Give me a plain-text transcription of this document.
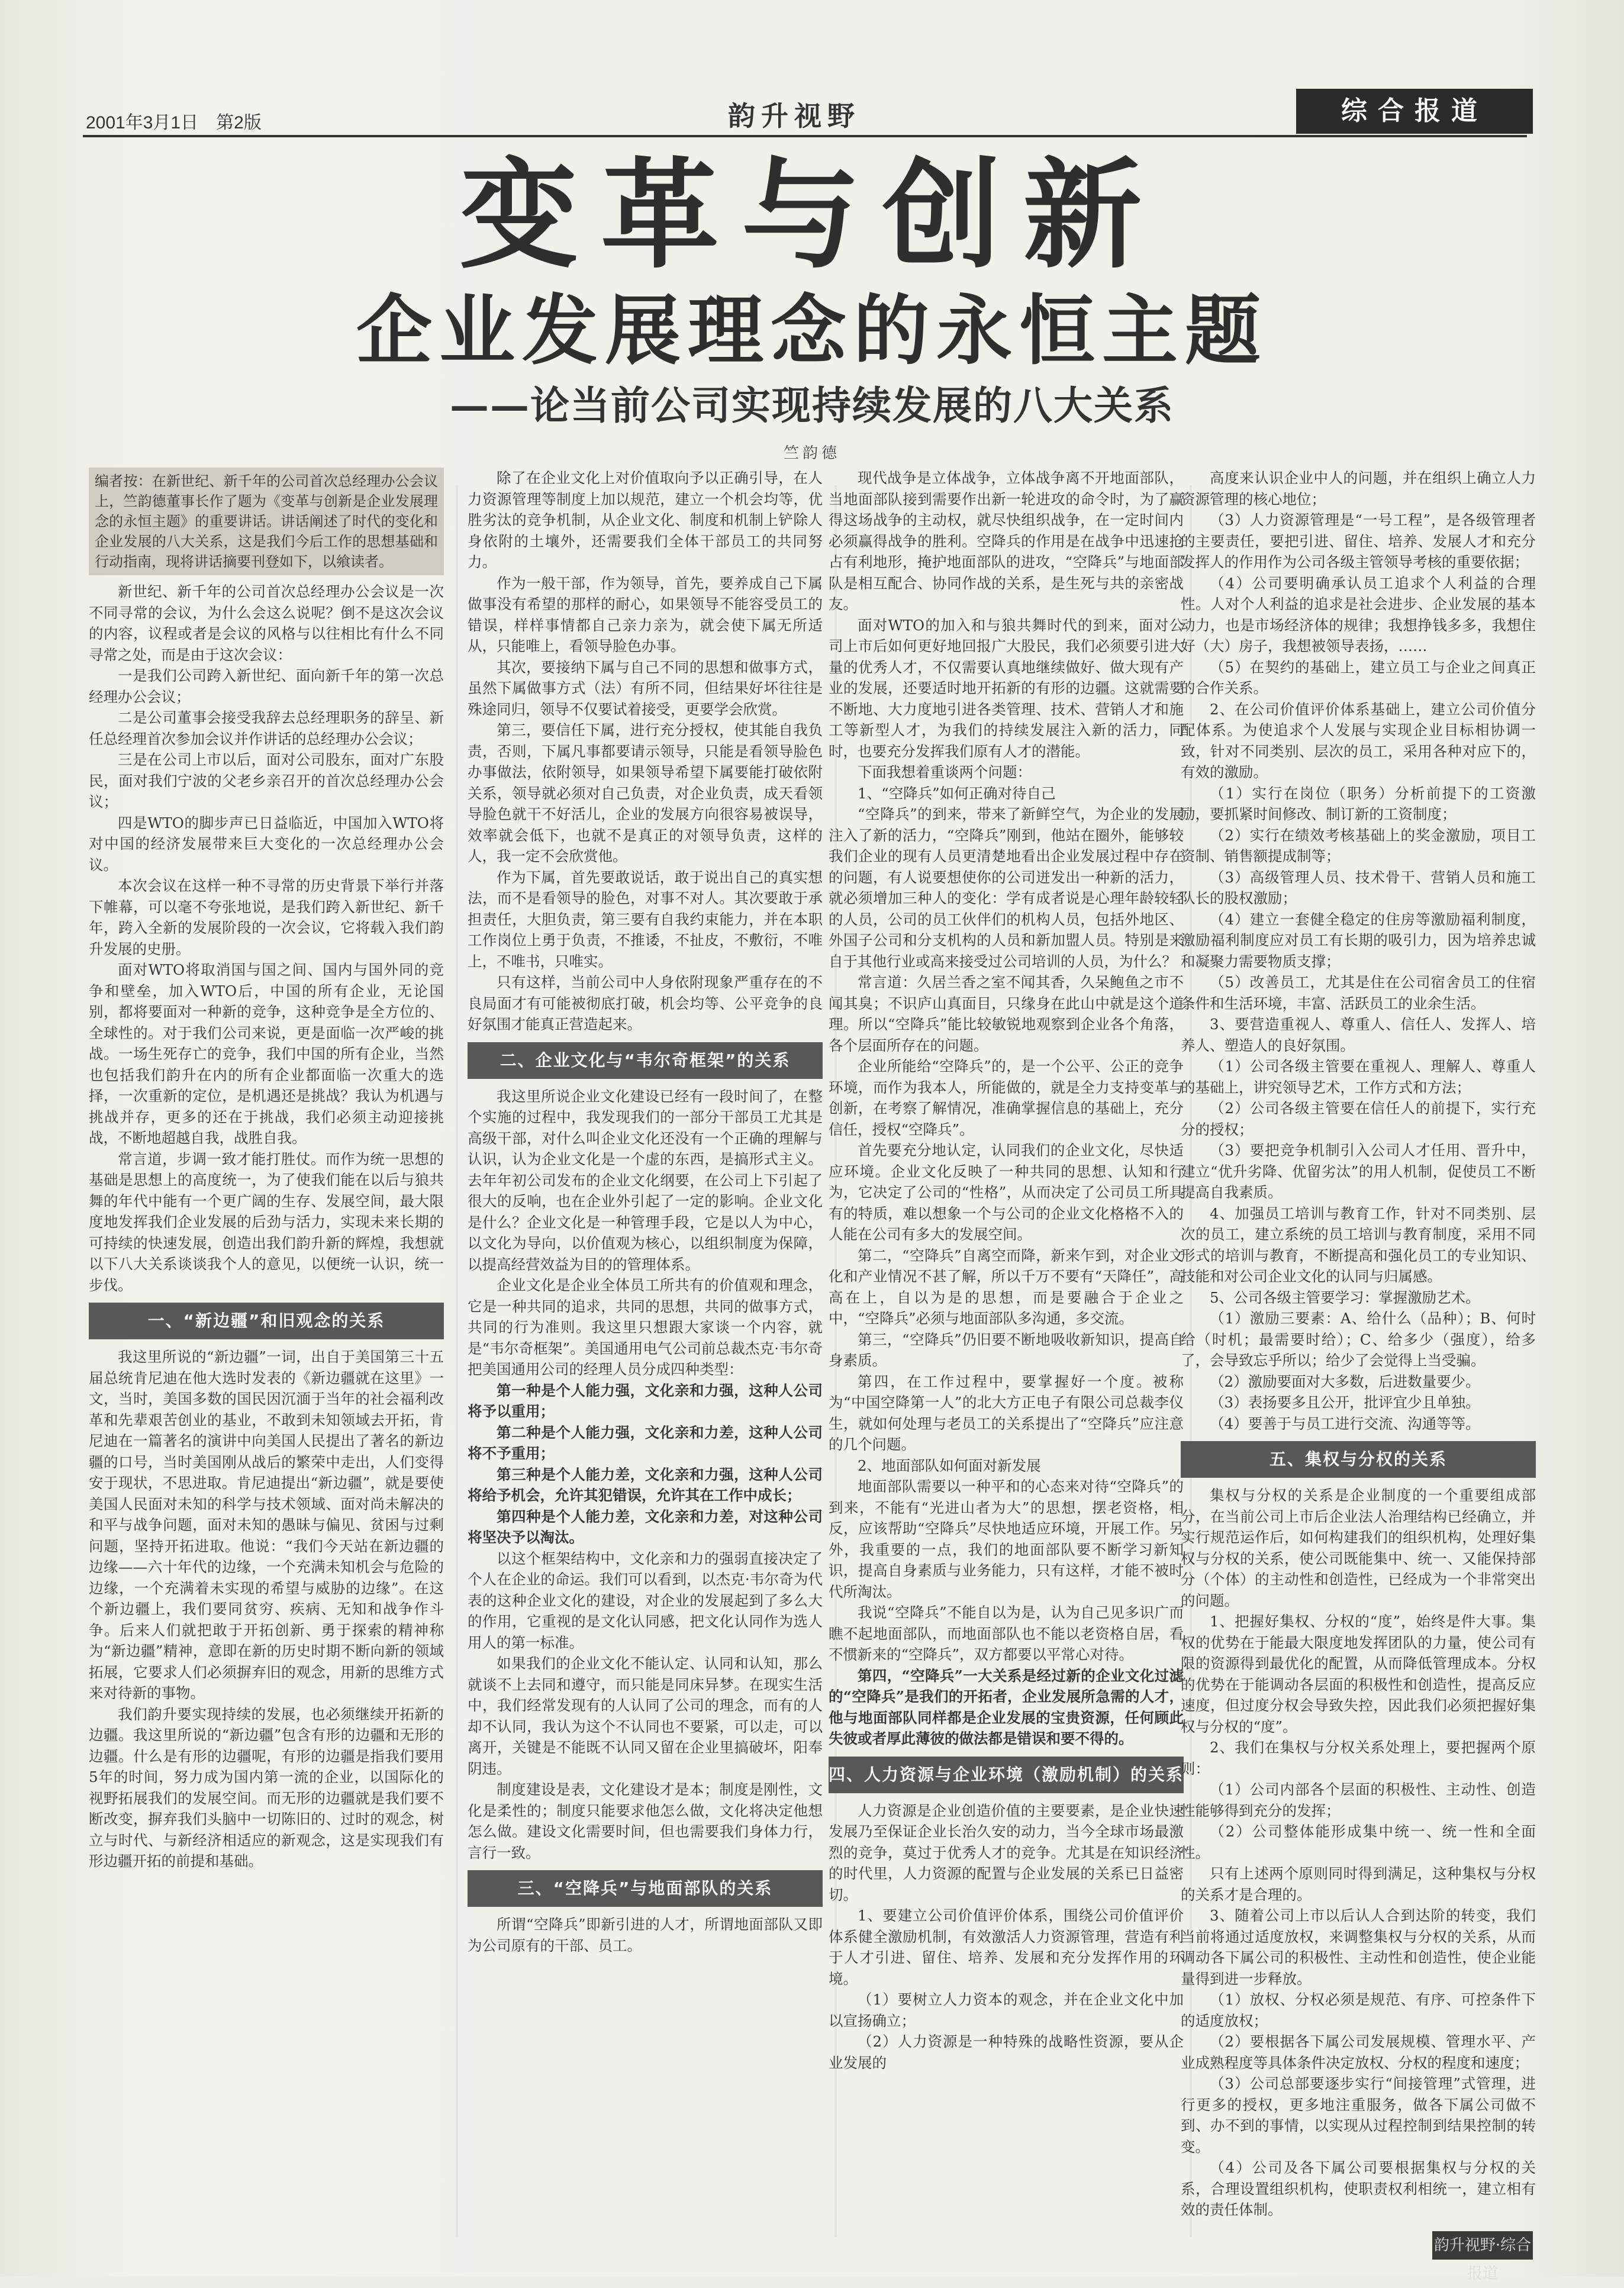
2001年3月1日　第2版	韵升视野	综合报道
变革与创新
企业发展理念的永恒主题
——论当前公司实现持续发展的八大关系
竺韵德
编者按：在新世纪、新千年的公司首次总经理办公会议上，竺韵德董事长作了题为《变革与创新是企业发展理念的永恒主题》的重要讲话。讲话阐述了时代的变化和企业发展的八大关系，这是我们今后工作的思想基础和行动指南，现将讲话摘要刊登如下，以飨读者。

新世纪、新千年的公司首次总经理办公会议是一次不同寻常的会议，为什么会这么说呢？倒不是这次会议的内容，议程或者是会议的风格与以往相比有什么不同寻常之处，而是由于这次会议：

一是我们公司跨入新世纪、面向新千年的第一次总经理办公会议；

二是公司董事会接受我辞去总经理职务的辞呈、新任总经理首次参加会议并作讲话的总经理办公会议；

三是在公司上市以后，面对公司股东，面对广东股民，面对我们宁波的父老乡亲召开的首次总经理办公会议；

四是WTO的脚步声已日益临近，中国加入WTO将对中国的经济发展带来巨大变化的一次总经理办公会议。

本次会议在这样一种不寻常的历史背景下举行并落下帷幕，可以毫不夸张地说，是我们跨入新世纪、新千年，跨入全新的发展阶段的一次会议，它将载入我们韵升发展的史册。

面对WTO将取消国与国之间、国内与国外同的竞争和壁垒，加入WTO后，中国的所有企业，无论国别，都将要面对一种新的竞争，这种竞争是全方位的、全球性的。对于我们公司来说，更是面临一次严峻的挑战。一场生死存亡的竞争，我们中国的所有企业，当然也包括我们韵升在内的所有企业都面临一次重大的选择，一次重新的定位，是机遇还是挑战？我认为机遇与挑战并存，更多的还在于挑战，我们必须主动迎接挑战，不断地超越自我，战胜自我。

常言道，步调一致才能打胜仗。而作为统一思想的基础是思想上的高度统一，为了使我们能在以后与狼共舞的年代中能有一个更广阔的生存、发展空间，最大限度地发挥我们企业发展的后劲与活力，实现未来长期的可持续的快速发展，创造出我们韵升新的辉煌，我想就以下八大关系谈谈我个人的意见，以便统一认识，统一步伐。

一、“新边疆”和旧观念的关系

我这里所说的“新边疆”一词，出自于美国第三十五届总统肯尼迪在他大选时发表的《新边疆就在这里》一文，当时，美国多数的国民因沉湎于当年的社会福利改革和先辈艰苦创业的基业，不敢到未知领域去开拓，肯尼迪在一篇著名的演讲中向美国人民提出了著名的新边疆的口号，当时美国刚从战后的繁荣中走出，人们变得安于现状，不思进取。肯尼迪提出“新边疆”，就是要使美国人民面对未知的科学与技术领域、面对尚未解决的和平与战争问题，面对未知的愚昧与偏见、贫困与过剩问题，坚持开拓进取。他说：“我们今天站在新边疆的边缘——六十年代的边缘，一个充满未知机会与危险的边缘，一个充满着未实现的希望与威胁的边缘”。在这个新边疆上，我们要同贫穷、疾病、无知和战争作斗争。后来人们就把敢于开拓创新、勇于探索的精神称为“新边疆”精神，意即在新的历史时期不断向新的领域拓展，它要求人们必须摒弃旧的观念，用新的思维方式来对待新的事物。

我们韵升要实现持续的发展，也必须继续开拓新的边疆。我这里所说的“新边疆”包含有形的边疆和无形的边疆。什么是有形的边疆呢，有形的边疆是指我们要用5年的时间，努力成为国内第一流的企业，以国际化的视野拓展我们的发展空间。而无形的边疆就是我们要不断改变，摒弃我们头脑中一切陈旧的、过时的观念，树立与时代、与新经济相适应的新观念，这是实现我们有形边疆开拓的前提和基础。

除了在企业文化上对价值取向予以正确引导，在人力资源管理等制度上加以规范，建立一个机会均等，优胜劣汰的竞争机制，从企业文化、制度和机制上铲除人身依附的土壤外，还需要我们全体干部员工的共同努力。

作为一般干部，作为领导，首先，要养成自己下属做事没有希望的那样的耐心，如果领导不能容受员工的错误，样样事情都自己亲力亲为，就会使下属无所适从，只能唯上，看领导脸色办事。

其次，要接纳下属与自己不同的思想和做事方式，虽然下属做事方式（法）有所不同，但结果好坏往往是殊途同归，领导不仅要试着接受，更要学会欣赏。

第三，要信任下属，进行充分授权，使其能自我负责，否则，下属凡事都要请示领导，只能是看领导脸色办事做法，依附领导，如果领导希望下属要能打破依附关系，领导就必须对自己负责，对企业负责，成天看领导脸色就干不好活儿，企业的发展方向很容易被误导，效率就会低下，也就不是真正的对领导负责，这样的人，我一定不会欣赏他。

作为下属，首先要敢说话，敢于说出自己的真实想法，而不是看领导的脸色，对事不对人。其次要敢于承担责任，大胆负责，第三要有自我约束能力，并在本职工作岗位上勇于负责，不推诿，不扯皮，不敷衍，不唯上，不唯书，只唯实。

只有这样，当前公司中人身依附现象严重存在的不良局面才有可能被彻底打破，机会均等、公平竞争的良好氛围才能真正营造起来。

二、企业文化与“韦尔奇框架”的关系

我这里所说企业文化建设已经有一段时间了，在整个实施的过程中，我发现我们的一部分干部员工尤其是高级干部，对什么叫企业文化还没有一个正确的理解与认识，认为企业文化是一个虚的东西，是搞形式主义。去年年初公司发布的企业文化纲要，在公司上下引起了很大的反响，也在企业外引起了一定的影响。企业文化是什么？企业文化是一种管理手段，它是以人为中心，以文化为导向，以价值观为核心，以组织制度为保障，以提高经营效益为目的的管理体系。

企业文化是企业全体员工所共有的价值观和理念，它是一种共同的追求，共同的思想，共同的做事方式，共同的行为准则。我这里只想跟大家谈一个内容，就是“韦尔奇框架”。美国通用电气公司前总裁杰克·韦尔奇把美国通用公司的经理人员分成四种类型：

第一种是个人能力强，文化亲和力强，这种人公司将予以重用；

第二种是个人能力强，文化亲和力差，这种人公司将不予重用；

第三种是个人能力差，文化亲和力强，这种人公司将给予机会，允许其犯错误，允许其在工作中成长；

第四种是个人能力差，文化亲和力差，对这种公司将坚决予以淘汰。

以这个框架结构中，文化亲和力的强弱直接决定了个人在企业的命运。我们可以看到，以杰克·韦尔奇为代表的这种企业文化的建设，对企业的发展起到了多么大的作用，它重视的是文化认同感，把文化认同作为选人用人的第一标准。

如果我们的企业文化不能认定、认同和认知，那么就谈不上去同和遵守，而只能是同床异梦。在现实生活中，我们经常发现有的人认同了公司的理念，而有的人却不认同，我认为这个不认同也不要紧，可以走，可以离开，关键是不能既不认同又留在企业里搞破坏，阳奉阴违。

制度建设是表，文化建设才是本；制度是刚性，文化是柔性的；制度只能要求他怎么做，文化将决定他想怎么做。建设文化需要时间，但也需要我们身体力行，言行一致。

三、“空降兵”与地面部队的关系

所谓“空降兵”即新引进的人才，所谓地面部队又即为公司原有的干部、员工。

现代战争是立体战争，立体战争离不开地面部队，当地面部队接到需要作出新一轮进攻的命令时，为了赢得这场战争的主动权，就尽快组织战争，在一定时间内必须赢得战争的胜利。空降兵的作用是在战争中迅速抢占有利地形，掩护地面部队的进攻，“空降兵”与地面部队是相互配合、协同作战的关系，是生死与共的亲密战友。

面对WTO的加入和与狼共舞时代的到来，面对公司上市后如何更好地回报广大股民，我们必须要引进大量的优秀人才，不仅需要认真地继续做好、做大现有产业的发展，还要适时地开拓新的有形的边疆。这就需要不断地、大力度地引进各类管理、技术、营销人才和施工等新型人才，为我们的持续发展注入新的活力，同时，也要充分发挥我们原有人才的潜能。

下面我想着重谈两个问题：

1、“空降兵”如何正确对待自己

“空降兵”的到来，带来了新鲜空气，为企业的发展注入了新的活力，“空降兵”刚到，他站在圈外，能够较我们企业的现有人员更清楚地看出企业发展过程中存在的问题，有人说要想使你的公司迸发出一种新的活力，就必须增加三种人的变化：学有成者说是心理年龄较轻的人员，公司的员工伙伴们的机构人员，包括外地区、外国子公司和分支机构的人员和新加盟人员。特别是来自于其他行业或高来接受过公司培训的人员，为什么？

常言道：久居兰香之室不闻其香，久呆鲍鱼之市不闻其臭；不识庐山真面目，只缘身在此山中就是这个道理。所以“空降兵”能比较敏锐地观察到企业各个角落，各个层面所存在的问题。

企业所能给“空降兵”的，是一个公平、公正的竞争环境，而作为我本人，所能做的，就是全力支持变革与创新，在考察了解情况，准确掌握信息的基础上，充分信任，授权“空降兵”。

首先要充分地认定，认同我们的企业文化，尽快适应环境。企业文化反映了一种共同的思想、认知和行为，它决定了公司的“性格”，从而决定了公司员工所具有的特质，难以想象一个与公司的企业文化格格不入的人能在公司有多大的发展空间。

第二，“空降兵”自离空而降，新来乍到，对企业文化和产业情况不甚了解，所以千万不要有“天降任”，高高在上，自以为是的思想，而是要融合于企业之中，“空降兵”必须与地面部队多沟通，多交流。

第三，“空降兵”仍旧要不断地吸收新知识，提高自身素质。

第四，在工作过程中，要掌握好一个度。被称为“中国空降第一人”的北大方正电子有限公司总裁李仪生，就如何处理与老员工的关系提出了“空降兵”应注意的几个问题。

2、地面部队如何面对新发展

地面部队需要以一种平和的心态来对待“空降兵”的到来，不能有“光进山者为大”的思想，摆老资格，相反，应该帮助“空降兵”尽快地适应环境，开展工作。另外，我重要的一点，我们的地面部队要不断学习新知识，提高自身素质与业务能力，只有这样，才能不被时代所淘汰。

我说“空降兵”不能自以为是，认为自己见多识广而瞧不起地面部队，而地面部队也不能以老资格自居，看不惯新来的“空降兵”，双方都要以平常心对待。

第四，“空降兵”一大关系是经过新的企业文化过滤的“空降兵”是我们的开拓者，企业发展所急需的人才，他与地面部队同样都是企业发展的宝贵资源，任何顾此失彼或者厚此薄彼的做法都是错误和要不得的。

四、人力资源与企业环境（激励机制）的关系

人力资源是企业创造价值的主要要素，是企业快速发展乃至保证企业长治久安的动力，当今全球市场最激烈的竞争，莫过于优秀人才的竞争。尤其是在知识经济的时代里，人力资源的配置与企业发展的关系已日益密切。

1、要建立公司价值评价体系，围绕公司价值评价体系健全激励机制，有效激活人力资源管理，营造有利于人才引进、留住、培养、发展和充分发挥作用的环境。

（1）要树立人力资本的观念，并在企业文化中加以宣扬确立；

（2）人力资源是一种特殊的战略性资源，要从企业发展的

高度来认识企业中人的问题，并在组织上确立人力资源管理的核心地位；

（3）人力资源管理是“一号工程”，是各级管理者的主要责任，要把引进、留住、培养、发展人才和充分发挥人的作用作为公司各级主管领导考核的重要依据；

（4）公司要明确承认员工追求个人利益的合理性。人对个人利益的追求是社会进步、企业发展的基本动力，也是市场经济体的规律；我想挣钱多多，我想住好（大）房子，我想被领导表扬，……

（5）在契约的基础上，建立员工与企业之间真正的合作关系。

2、在公司价值评价体系基础上，建立公司价值分配体系。为使追求个人发展与实现企业目标相协调一致，针对不同类别、层次的员工，采用各种对应下的，有效的激励。

（1）实行在岗位（职务）分析前提下的工资激励，要抓紧时间修改、制订新的工资制度；

（2）实行在绩效考核基础上的奖金激励，项目工资制、销售额提成制等；

（3）高级管理人员、技术骨干、营销人员和施工队长的股权激励；

（4）建立一套健全稳定的住房等激励福利制度，激励福利制度应对员工有长期的吸引力，因为培养忠诚和凝聚力需要物质支撑；

（5）改善员工，尤其是住在公司宿舍员工的住宿条件和生活环境，丰富、活跃员工的业余生活。

3、要营造重视人、尊重人、信任人、发挥人、培养人、塑造人的良好氛围。

（1）公司各级主管要在重视人、理解人、尊重人的基础上，讲究领导艺术，工作方式和方法；

（2）公司各级主管要在信任人的前提下，实行充分的授权；

（3）要把竞争机制引入公司人才任用、晋升中，建立“优升劣降、优留劣汰”的用人机制，促使员工不断提高自我素质。

4、加强员工培训与教育工作，针对不同类别、层次的员工，建立系统的员工培训与教育制度，采用不同形式的培训与教育，不断提高和强化员工的专业知识、技能和对公司企业文化的认同与归属感。

5、公司各级主管要学习：掌握激励艺术。

（1）激励三要素：A、给什么（品种）；B、何时给（时机；最需要时给）；C、给多少（强度），给多了，会导致忘乎所以；给少了会觉得上当受骗。

（2）激励要面对大多数，后进数量要少。

（3）表扬要多且公开，批评宜少且单独。

（4）要善于与员工进行交流、沟通等等。

五、集权与分权的关系

集权与分权的关系是企业制度的一个重要组成部分，在当前公司上市后企业法人治理结构已经确立，并实行规范运作后，如何构建我们的组织机构，处理好集权与分权的关系，使公司既能集中、统一、又能保持部分（个体）的主动性和创造性，已经成为一个非常突出的问题。

1、把握好集权、分权的“度”，始终是件大事。集权的优势在于能最大限度地发挥团队的力量，使公司有限的资源得到最优化的配置，从而降低管理成本。分权的优势在于能调动各层面的积极性和创造性，提高反应速度，但过度分权会导致失控，因此我们必须把握好集权与分权的“度”。

2、我们在集权与分权关系处理上，要把握两个原则：

（1）公司内部各个层面的积极性、主动性、创造性能够得到充分的发挥；

（2）公司整体能形成集中统一、统一性和全面性。

只有上述两个原则同时得到满足，这种集权与分权的关系才是合理的。

3、随着公司上市以后认人合到达阶的转变，我们当前将通过适度放权，来调整集权与分权的关系，从而调动各下属公司的积极性、主动性和创造性，使企业能量得到进一步释放。

（1）放权、分权必须是规范、有序、可控条件下的适度放权；

（2）要根据各下属公司发展规模、管理水平、产业成熟程度等具体条件决定放权、分权的程度和速度；

（3）公司总部要逐步实行“间接管理”式管理，进行更多的授权，更多地注重服务，做各下属公司做不到、办不到的事情，以实现从过程控制到结果控制的转变。

（4）公司及各下属公司要根据集权与分权的关系，合理设置组织机构，使职责权利相统一，建立相有效的责任体制。

韵升视野·综合报道
